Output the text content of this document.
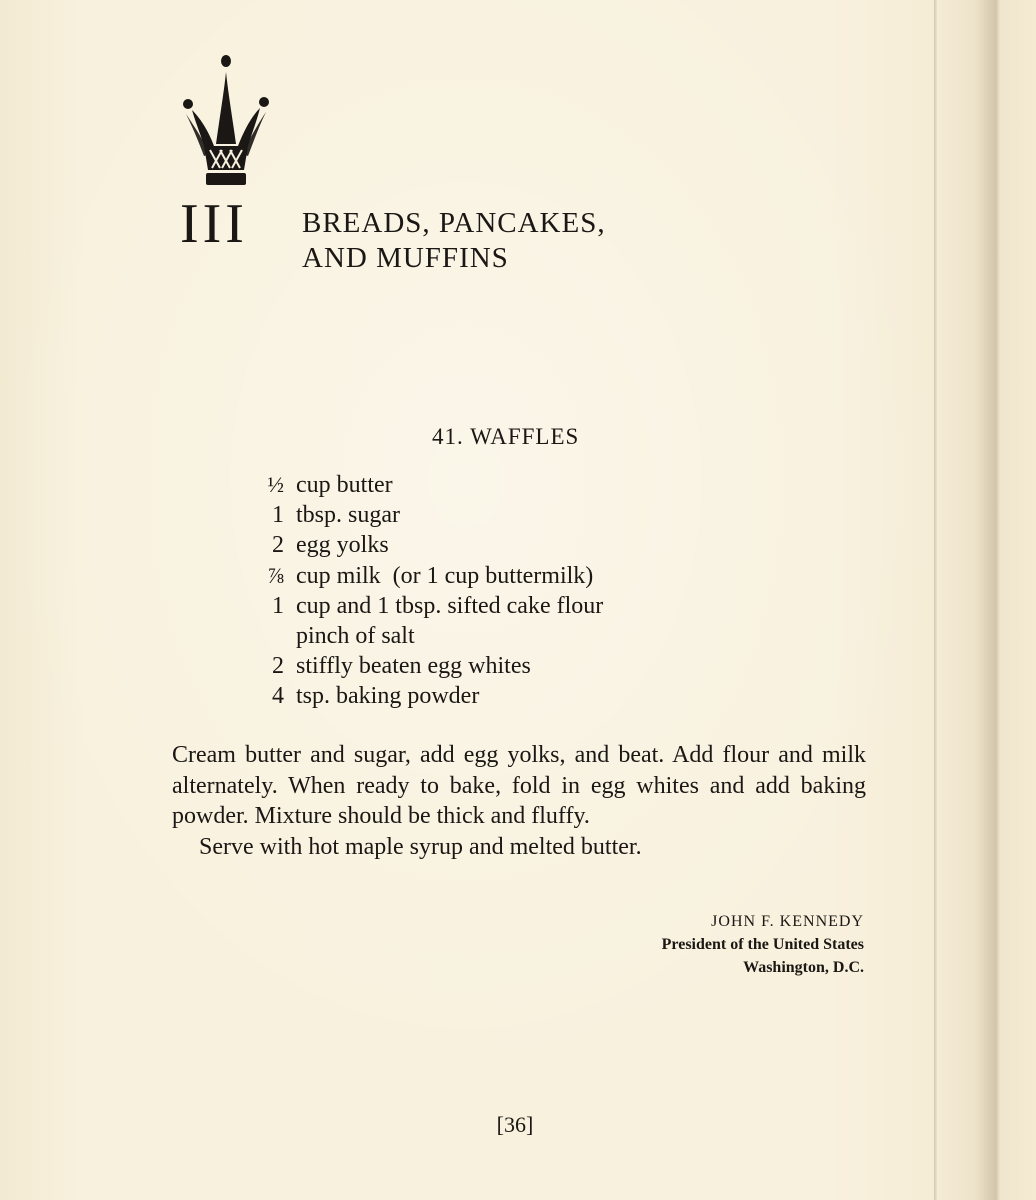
III BREADS, PANCAKES,
AND MUFFINS
41. WAFFLES
½ cup butter
1 tbsp. sugar
2 egg yolks
⅞ cup milk  (or 1 cup buttermilk)
1 cup and 1 tbsp. sifted cake flour
pinch of salt
2 stiffly beaten egg whites
4 tsp. baking powder

Cream butter and sugar, add egg yolks, and beat. Add flour and milk alternately. When ready to bake, fold in egg whites and add baking powder. Mixture should be thick and fluffy.

Serve with hot maple syrup and melted butter.

JOHN F. KENNEDY
President of the United States
Washington, D.C.
[36]
